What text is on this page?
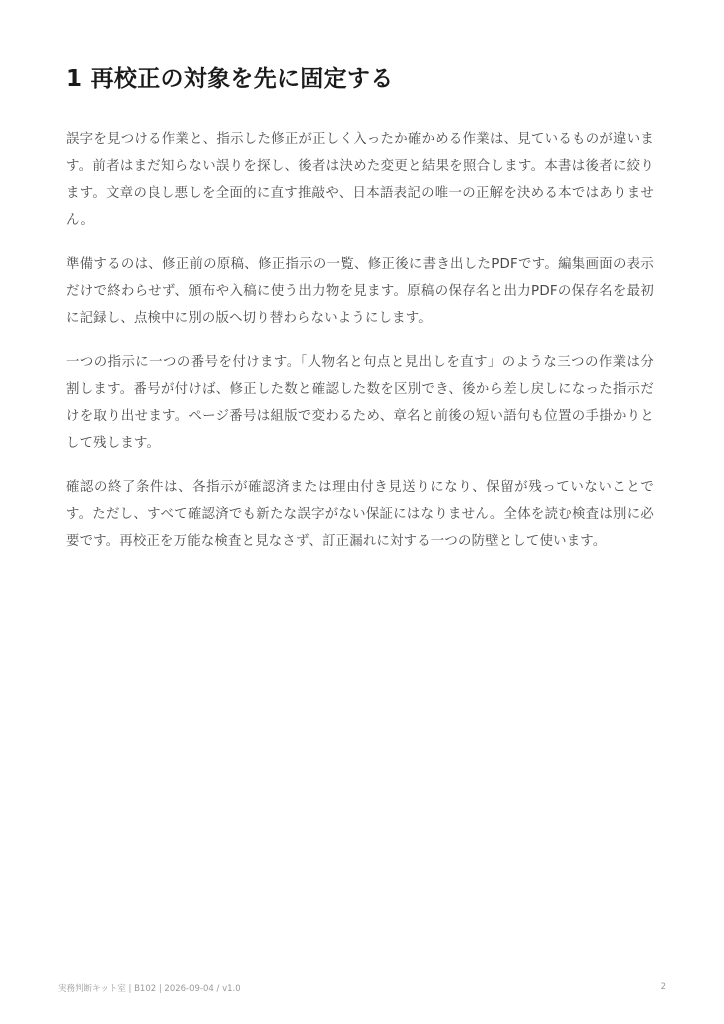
1 再校正の対象を先に固定する

誤字を見つける作業と、指示した修正が正しく入ったか確かめる作業は、見ているものが違います。前者はまだ知らない誤りを探し、後者は決めた変更と結果を照合します。本書は後者に絞ります。文章の良し悪しを全面的に直す推敲や、日本語表記の唯一の正解を決める本ではありません。

準備するのは、修正前の原稿、修正指示の一覧、修正後に書き出したPDFです。編集画面の表示だけで終わらせず、頒布や入稿に使う出力物を見ます。原稿の保存名と出力PDFの保存名を最初に記録し、点検中に別の版へ切り替わらないようにします。

一つの指示に一つの番号を付けます。「人物名と句点と見出しを直す」のような三つの作業は分割します。番号が付けば、修正した数と確認した数を区別でき、後から差し戻しになった指示だけを取り出せます。ページ番号は組版で変わるため、章名と前後の短い語句も位置の手掛かりとして残します。

確認の終了条件は、各指示が確認済または理由付き見送りになり、保留が残っていないことです。ただし、すべて確認済でも新たな誤字がない保証にはなりません。全体を読む検査は別に必要です。再校正を万能な検査と見なさず、訂正漏れに対する一つの防壁として使います。

実務判断キット室 | B102 | 2026-09-04 / v1.0	2
